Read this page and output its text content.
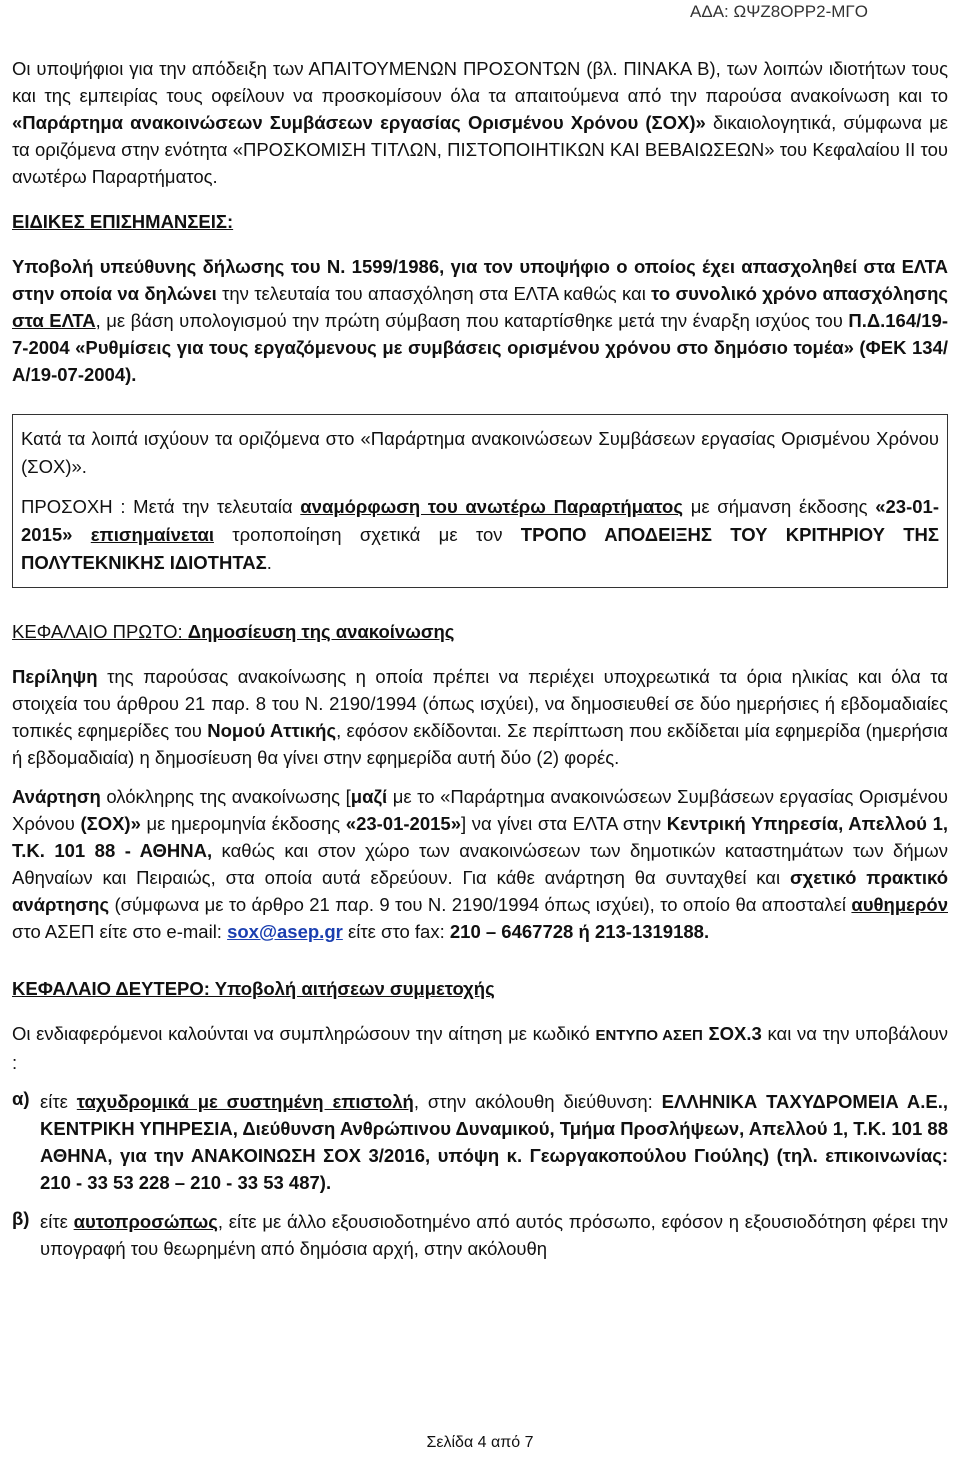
ΑΔΑ: ΩΨΖ8ΟΡΡ2-ΜΓΟ

Οι υποψήφιοι για την απόδειξη των ΑΠΑΙΤΟΥΜΕΝΩΝ ΠΡΟΣΟΝΤΩΝ (βλ. ΠΙΝΑΚΑ Β), των λοιπών ιδιοτήτων τους και της εμπειρίας τους οφείλουν να προσκομίσουν όλα τα απαιτούμενα από την παρούσα ανακοίνωση και το «Παράρτημα ανακοινώσεων Συμβάσεων εργασίας Ορισμένου Χρόνου (ΣΟΧ)» δικαιολογητικά, σύμφωνα με τα οριζόμενα στην ενότητα «ΠΡΟΣΚΟΜΙΣΗ ΤΙΤΛΩΝ, ΠΙΣΤΟΠΟΙΗΤΙΚΩΝ ΚΑΙ ΒΕΒΑΙΩΣΕΩΝ» του Κεφαλαίου ΙΙ του ανωτέρω Παραρτήματος.

ΕΙΔΙΚΕΣ ΕΠΙΣΗΜΑΝΣΕΙΣ:

Υποβολή υπεύθυνης δήλωσης του Ν. 1599/1986, για τον υποψήφιο ο οποίος έχει απασχοληθεί στα ΕΛΤΑ στην οποία να δηλώνει την τελευταία του απασχόληση στα ΕΛΤΑ καθώς και το συνολικό χρόνο απασχόλησης στα ΕΛΤΑ, με βάση υπολογισμού την πρώτη σύμβαση που καταρτίσθηκε μετά την έναρξη ισχύος του Π.Δ.164/19-7-2004 «Ρυθμίσεις για τους εργαζόμενους με συμβάσεις ορισμένου χρόνου στο δημόσιο τομέα» (ΦΕΚ 134/Α/19-07-2004).

Κατά τα λοιπά ισχύουν τα οριζόμενα στο «Παράρτημα ανακοινώσεων Συμβάσεων εργασίας Ορισμένου Χρόνου (ΣΟΧ)».

ΠΡΟΣΟΧΗ : Μετά την τελευταία αναμόρφωση του ανωτέρω Παραρτήματος με σήμανση έκδοσης «23-01-2015» επισημαίνεται τροποποίηση σχετικά με τον ΤΡΟΠΟ ΑΠΟΔΕΙΞΗΣ ΤΟΥ ΚΡΙΤΗΡΙΟΥ ΤΗΣ ΠΟΛΥΤΕΚΝΙΚΗΣ ΙΔΙΟΤΗΤΑΣ.

ΚΕΦΑΛΑΙΟ ΠΡΩΤΟ: Δημοσίευση της ανακοίνωσης

Περίληψη της παρούσας ανακοίνωσης η οποία πρέπει να περιέχει υποχρεωτικά τα όρια ηλικίας και όλα τα στοιχεία του άρθρου 21 παρ. 8 του Ν. 2190/1994 (όπως ισχύει), να δημοσιευθεί σε δύο ημερήσιες ή εβδομαδιαίες τοπικές εφημερίδες του Νομού Αττικής, εφόσον εκδίδονται. Σε περίπτωση που εκδίδεται μία εφημερίδα (ημερήσια ή εβδομαδιαία) η δημοσίευση θα γίνει στην εφημερίδα αυτή δύο (2) φορές.

Ανάρτηση ολόκληρης της ανακοίνωσης [μαζί με το «Παράρτημα ανακοινώσεων Συμβάσεων εργασίας Ορισμένου Χρόνου (ΣΟΧ)» με ημερομηνία έκδοσης «23-01-2015»] να γίνει στα ΕΛΤΑ στην Κεντρική Υπηρεσία, Απελλού 1, Τ.Κ. 101 88 - ΑΘΗΝΑ, καθώς και στον χώρο των ανακοινώσεων των δημοτικών καταστημάτων των δήμων Αθηναίων και Πειραιώς, στα οποία αυτά εδρεύουν. Για κάθε ανάρτηση θα συνταχθεί και σχετικό πρακτικό ανάρτησης (σύμφωνα με το άρθρο 21 παρ. 9 του Ν. 2190/1994 όπως ισχύει), το οποίο θα αποσταλεί αυθημερόν στο ΑΣΕΠ είτε στο e-mail: sox@asep.gr είτε στο fax: 210 – 6467728 ή 213-1319188.

ΚΕΦΑΛΑΙΟ ΔΕΥΤΕΡΟ: Υποβολή αιτήσεων συμμετοχής

Οι ενδιαφερόμενοι καλούνται να συμπληρώσουν την αίτηση με κωδικό ΕΝΤΥΠΟ ΑΣΕΠ ΣΟΧ.3 και να την υποβάλουν :

α) είτε ταχυδρομικά με συστημένη επιστολή, στην ακόλουθη διεύθυνση: ΕΛΛΗΝΙΚΑ ΤΑΧΥΔΡΟΜΕΙΑ Α.Ε., ΚΕΝΤΡΙΚΗ ΥΠΗΡΕΣΙΑ, Διεύθυνση Ανθρώπινου Δυναμικού, Τμήμα Προσλήψεων, Απελλού 1, Τ.Κ. 101 88 ΑΘΗΝΑ, για την ΑΝΑΚΟΙΝΩΣΗ ΣΟΧ 3/2016, υπόψη κ. Γεωργακοπούλου Γιούλης) (τηλ. επικοινωνίας: 210 - 33 53 228 – 210 - 33 53 487).

β) είτε αυτοπροσώπως, είτε με άλλο εξουσιοδοτημένο από αυτός πρόσωπο, εφόσον η εξουσιοδότηση φέρει την υπογραφή του θεωρημένη από δημόσια αρχή, στην ακόλουθη

Σελίδα 4 από 7
